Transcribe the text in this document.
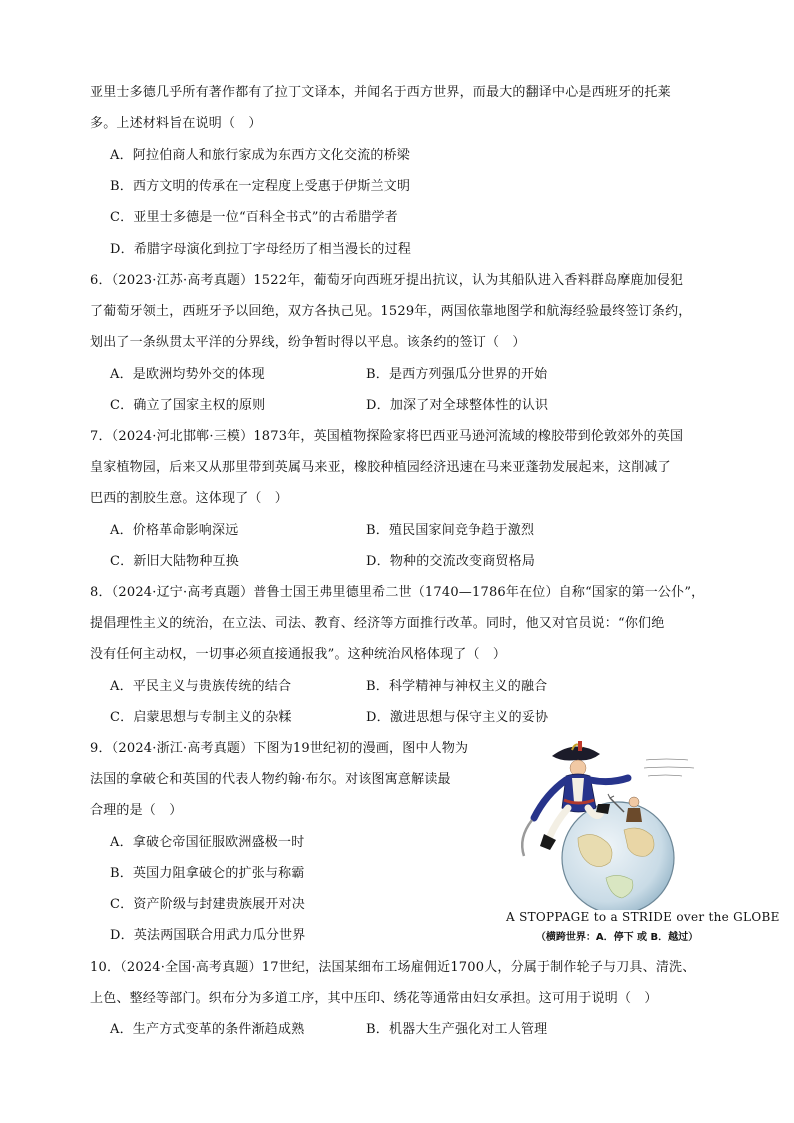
亚里士多德几乎所有著作都有了拉丁文译本，并闻名于西方世界，而最大的翻译中心是西班牙的托莱
多。上述材料旨在说明（　）
A．阿拉伯商人和旅行家成为东西方文化交流的桥梁
B．西方文明的传承在一定程度上受惠于伊斯兰文明
C．亚里士多德是一位“百科全书式”的古希腊学者
D．希腊字母演化到拉丁字母经历了相当漫长的过程
6．（2023·江苏·高考真题）1522年，葡萄牙向西班牙提出抗议，认为其船队进入香料群岛摩鹿加侵犯
了葡萄牙领土，西班牙予以回绝，双方各执己见。1529年，两国依靠地图学和航海经验最终签订条约，
划出了一条纵贯太平洋的分界线，纷争暂时得以平息。该条约的签订（　）
A．是欧洲均势外交的体现	B．是西方列强瓜分世界的开始
C．确立了国家主权的原则	D．加深了对全球整体性的认识
7．（2024·河北邯郸·三模）1873年，英国植物探险家将巴西亚马逊河流域的橡胶带到伦敦郊外的英国
皇家植物园，后来又从那里带到英属马来亚，橡胶种植园经济迅速在马来亚蓬勃发展起来，这削减了
巴西的割胶生意。这体现了（　）
A．价格革命影响深远	B．殖民国家间竞争趋于激烈
C．新旧大陆物种互换	D．物种的交流改变商贸格局
8．（2024·辽宁·高考真题）普鲁士国王弗里德里希二世（1740—1786年在位）自称“国家的第一公仆”，
提倡理性主义的统治，在立法、司法、教育、经济等方面推行改革。同时，他又对官员说：“你们绝
没有任何主动权，一切事必须直接通报我”。这种统治风格体现了（　）
A．平民主义与贵族传统的结合	B．科学精神与神权主义的融合
C．启蒙思想与专制主义的杂糅	D．激进思想与保守主义的妥协
9．（2024·浙江·高考真题）下图为19世纪初的漫画，图中人物为
法国的拿破仑和英国的代表人物约翰·布尔。对该图寓意解读最
合理的是（　）
A．拿破仑帝国征服欧洲盛极一时
B．英国力阻拿破仑的扩张与称霸
C．资产阶级与封建贵族展开对决
D．英法两国联合用武力瓜分世界
A STOPPAGE to a STRIDE over the GLOBE
（横跨世界：A．停下 或 B．越过）
10．（2024·全国·高考真题）17世纪，法国某细布工场雇佣近1700人，分属于制作轮子与刀具、清洗、
上色、整经等部门。织布分为多道工序，其中压印、绣花等通常由妇女承担。这可用于说明（　）
A．生产方式变革的条件渐趋成熟	B．机器大生产强化对工人管理
